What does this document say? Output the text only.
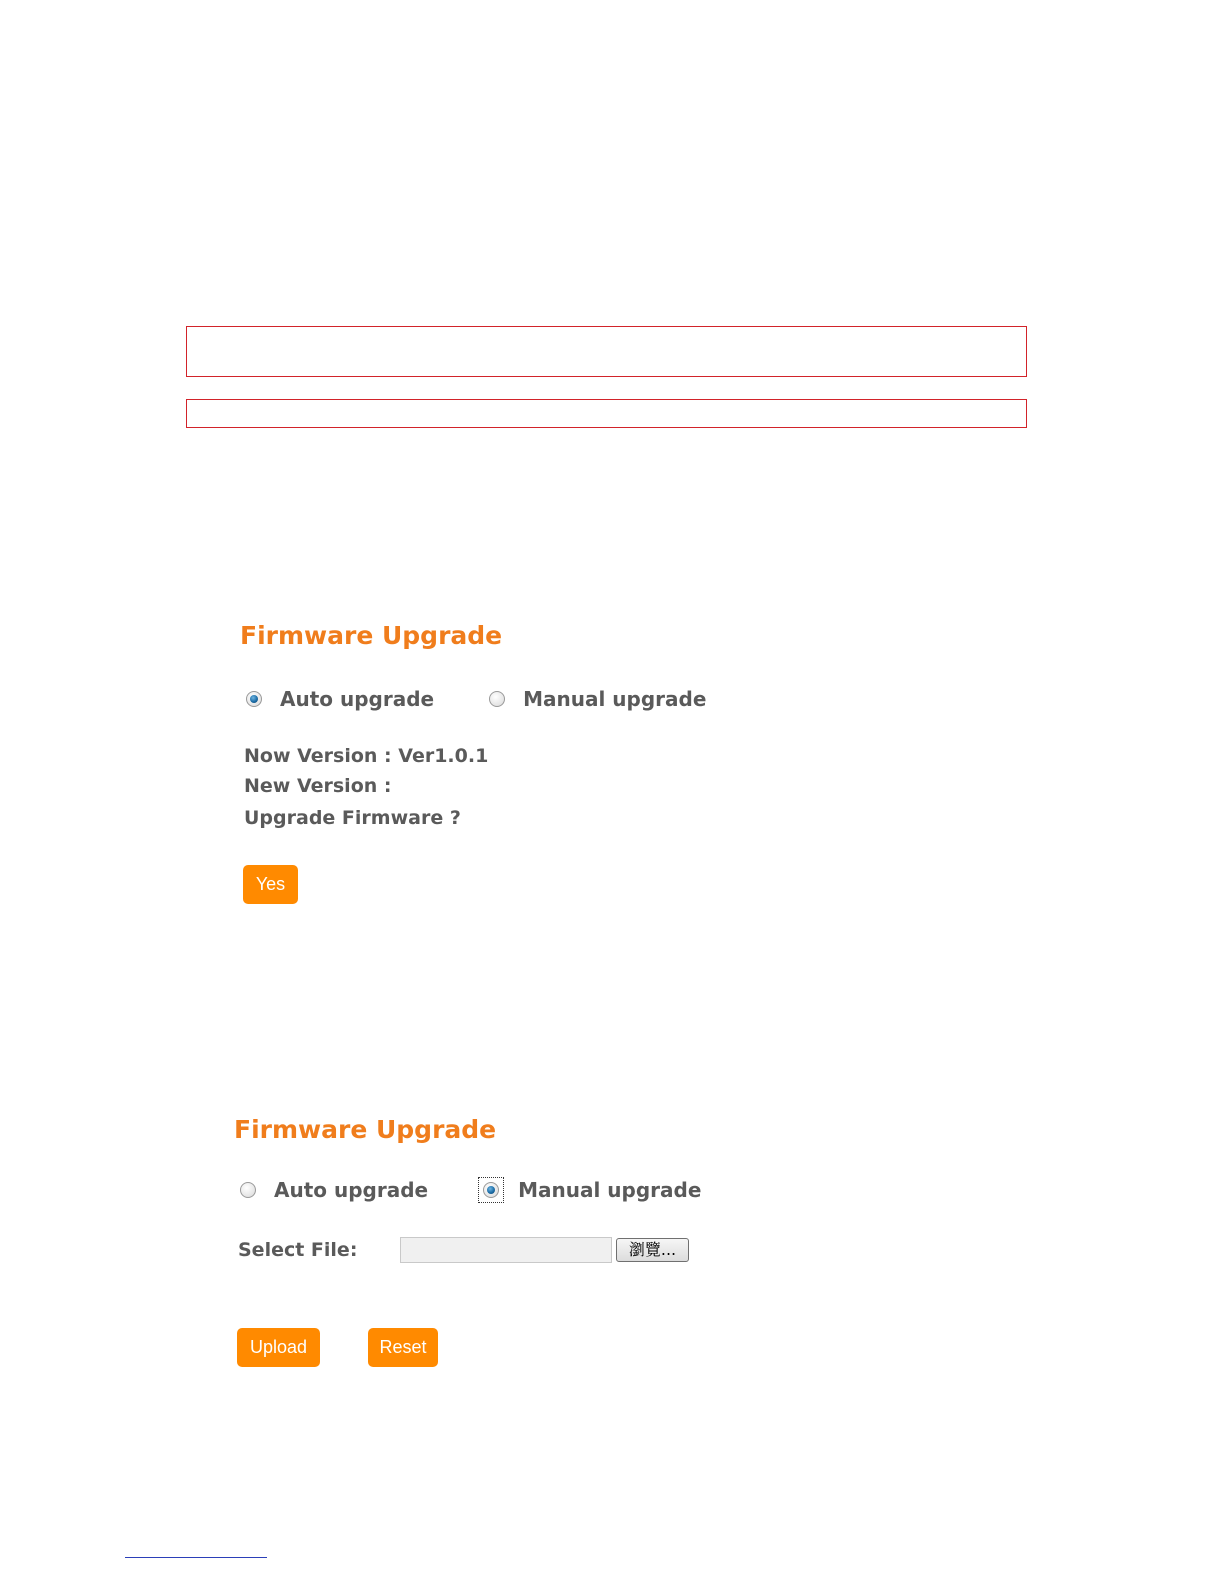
Firmware Upgrade
Auto upgrade	Manual upgrade
Now Version : Ver1.0.1
New Version :
Upgrade Firmware ?
Yes
Firmware Upgrade
Auto upgrade	Manual upgrade
Select File:	瀏覽...
Upload	Reset
